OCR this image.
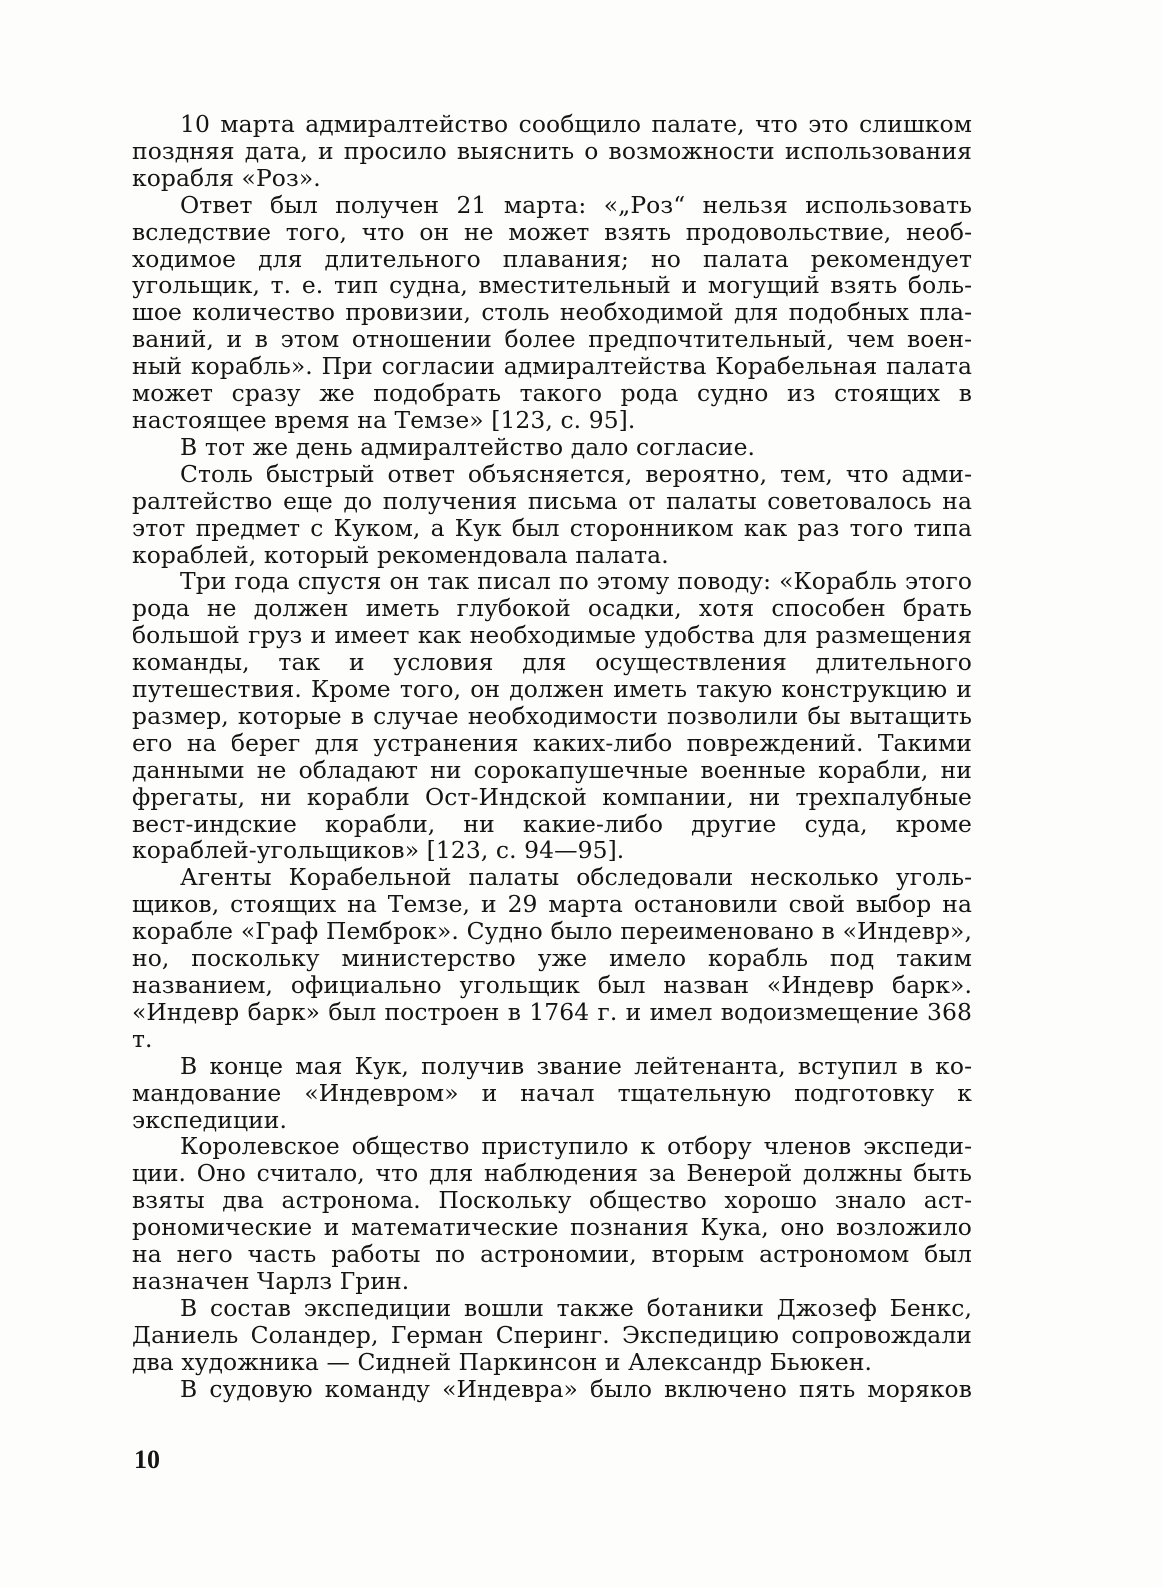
10 марта адмиралтейство сообщило палате, что это слишком поздняя дата, и просило выяснить о возможности использования корабля «Роз».

Ответ был получен 21 марта: «„Роз“ нельзя использовать вследствие того, что он не может взять продовольствие, необходимое для длительного плавания; но палата рекомендует угольщик, т. е. тип судна, вместительный и могущий взять большое количество провизии, столь необходимой для подобных плаваний, и в этом отношении более предпочтительный, чем военный корабль». При согласии адмиралтейства Корабельная палата может сразу же подобрать такого рода судно из стоящих в настоящее время на Темзе» [123, с. 95].

В тот же день адмиралтейство дало согласие.

Столь быстрый ответ объясняется, вероятно, тем, что адмиралтейство еще до получения письма от палаты советовалось на этот предмет с Куком, а Кук был сторонником как раз того типа кораблей, который рекомендовала палата.

Три года спустя он так писал по этому поводу: «Корабль этого рода не должен иметь глубокой осадки, хотя способен брать большой груз и имеет как необходимые удобства для размещения команды, так и условия для осуществления длительного путешествия. Кроме того, он должен иметь такую конструкцию и размер, которые в случае необходимости позволили бы вытащить его на берег для устранения каких-либо повреждений. Такими данными не обладают ни сорокапушечные военные корабли, ни фрегаты, ни корабли Ост-Индской компании, ни трехпалубные вест-индские корабли, ни какие-либо другие суда, кроме кораблей-угольщиков» [123, с. 94—95].

Агенты Корабельной палаты обследовали несколько угольщиков, стоящих на Темзе, и 29 марта остановили свой выбор на корабле «Граф Пемброк». Судно было переименовано в «Индевр», но, поскольку министерство уже имело корабль под таким названием, официально угольщик был назван «Индевр барк». «Индевр барк» был построен в 1764 г. и имел водоизмещение 368 т.

В конце мая Кук, получив звание лейтенанта, вступил в командование «Индевром» и начал тщательную подготовку к экспедиции.

Королевское общество приступило к отбору членов экспедиции. Оно считало, что для наблюдения за Венерой должны быть взяты два астронома. Поскольку общество хорошо знало астрономические и математические познания Кука, оно возложило на него часть работы по астрономии, вторым астрономом был назначен Чарлз Грин.

В состав экспедиции вошли также ботаники Джозеф Бенкс, Даниель Соландер, Герман Сперинг. Экспедицию сопровождали два художника — Сидней Паркинсон и Александр Бьюкен.

В судовую команду «Индевра» было включено пять моряков

10
